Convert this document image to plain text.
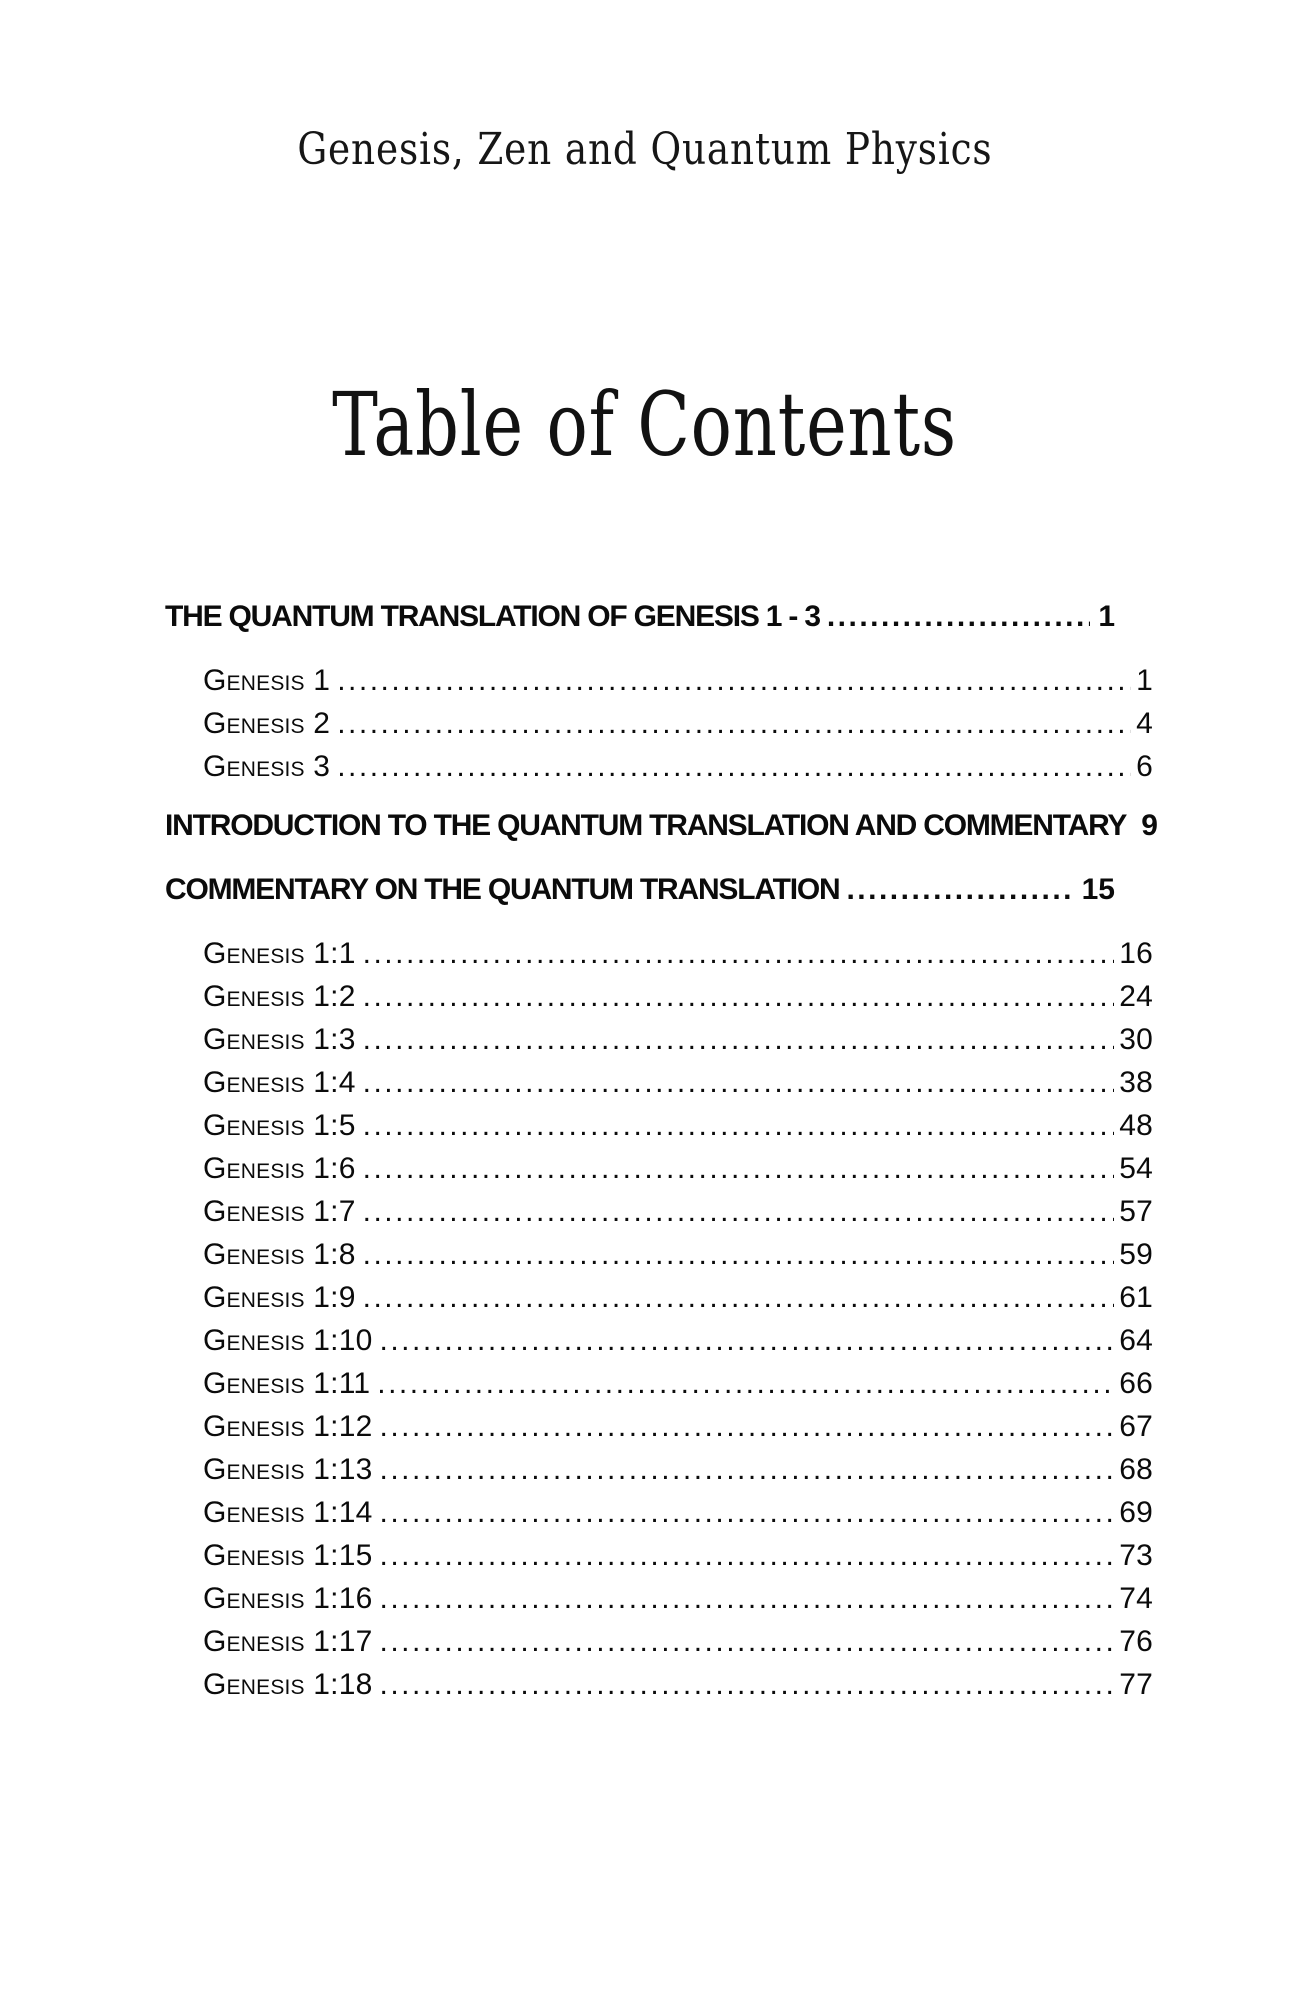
Genesis, Zen and Quantum Physics
Table of Contents
THE QUANTUM TRANSLATION OF GENESIS 1 - 3 .....	1
Genesis 1 .....	1
Genesis 2 .....	4
Genesis 3 .....	6
INTRODUCTION TO THE QUANTUM TRANSLATION AND COMMENTARY 9
COMMENTARY ON THE QUANTUM TRANSLATION .....	15
Genesis 1:1 .....	16
Genesis 1:2 .....	24
Genesis 1:3 .....	30
Genesis 1:4 .....	38
Genesis 1:5 .....	48
Genesis 1:6 .....	54
Genesis 1:7 .....	57
Genesis 1:8 .....	59
Genesis 1:9 .....	61
Genesis 1:10 .....	64
Genesis 1:11 .....	66
Genesis 1:12 .....	67
Genesis 1:13 .....	68
Genesis 1:14 .....	69
Genesis 1:15 .....	73
Genesis 1:16 .....	74
Genesis 1:17 .....	76
Genesis 1:18 .....	77
